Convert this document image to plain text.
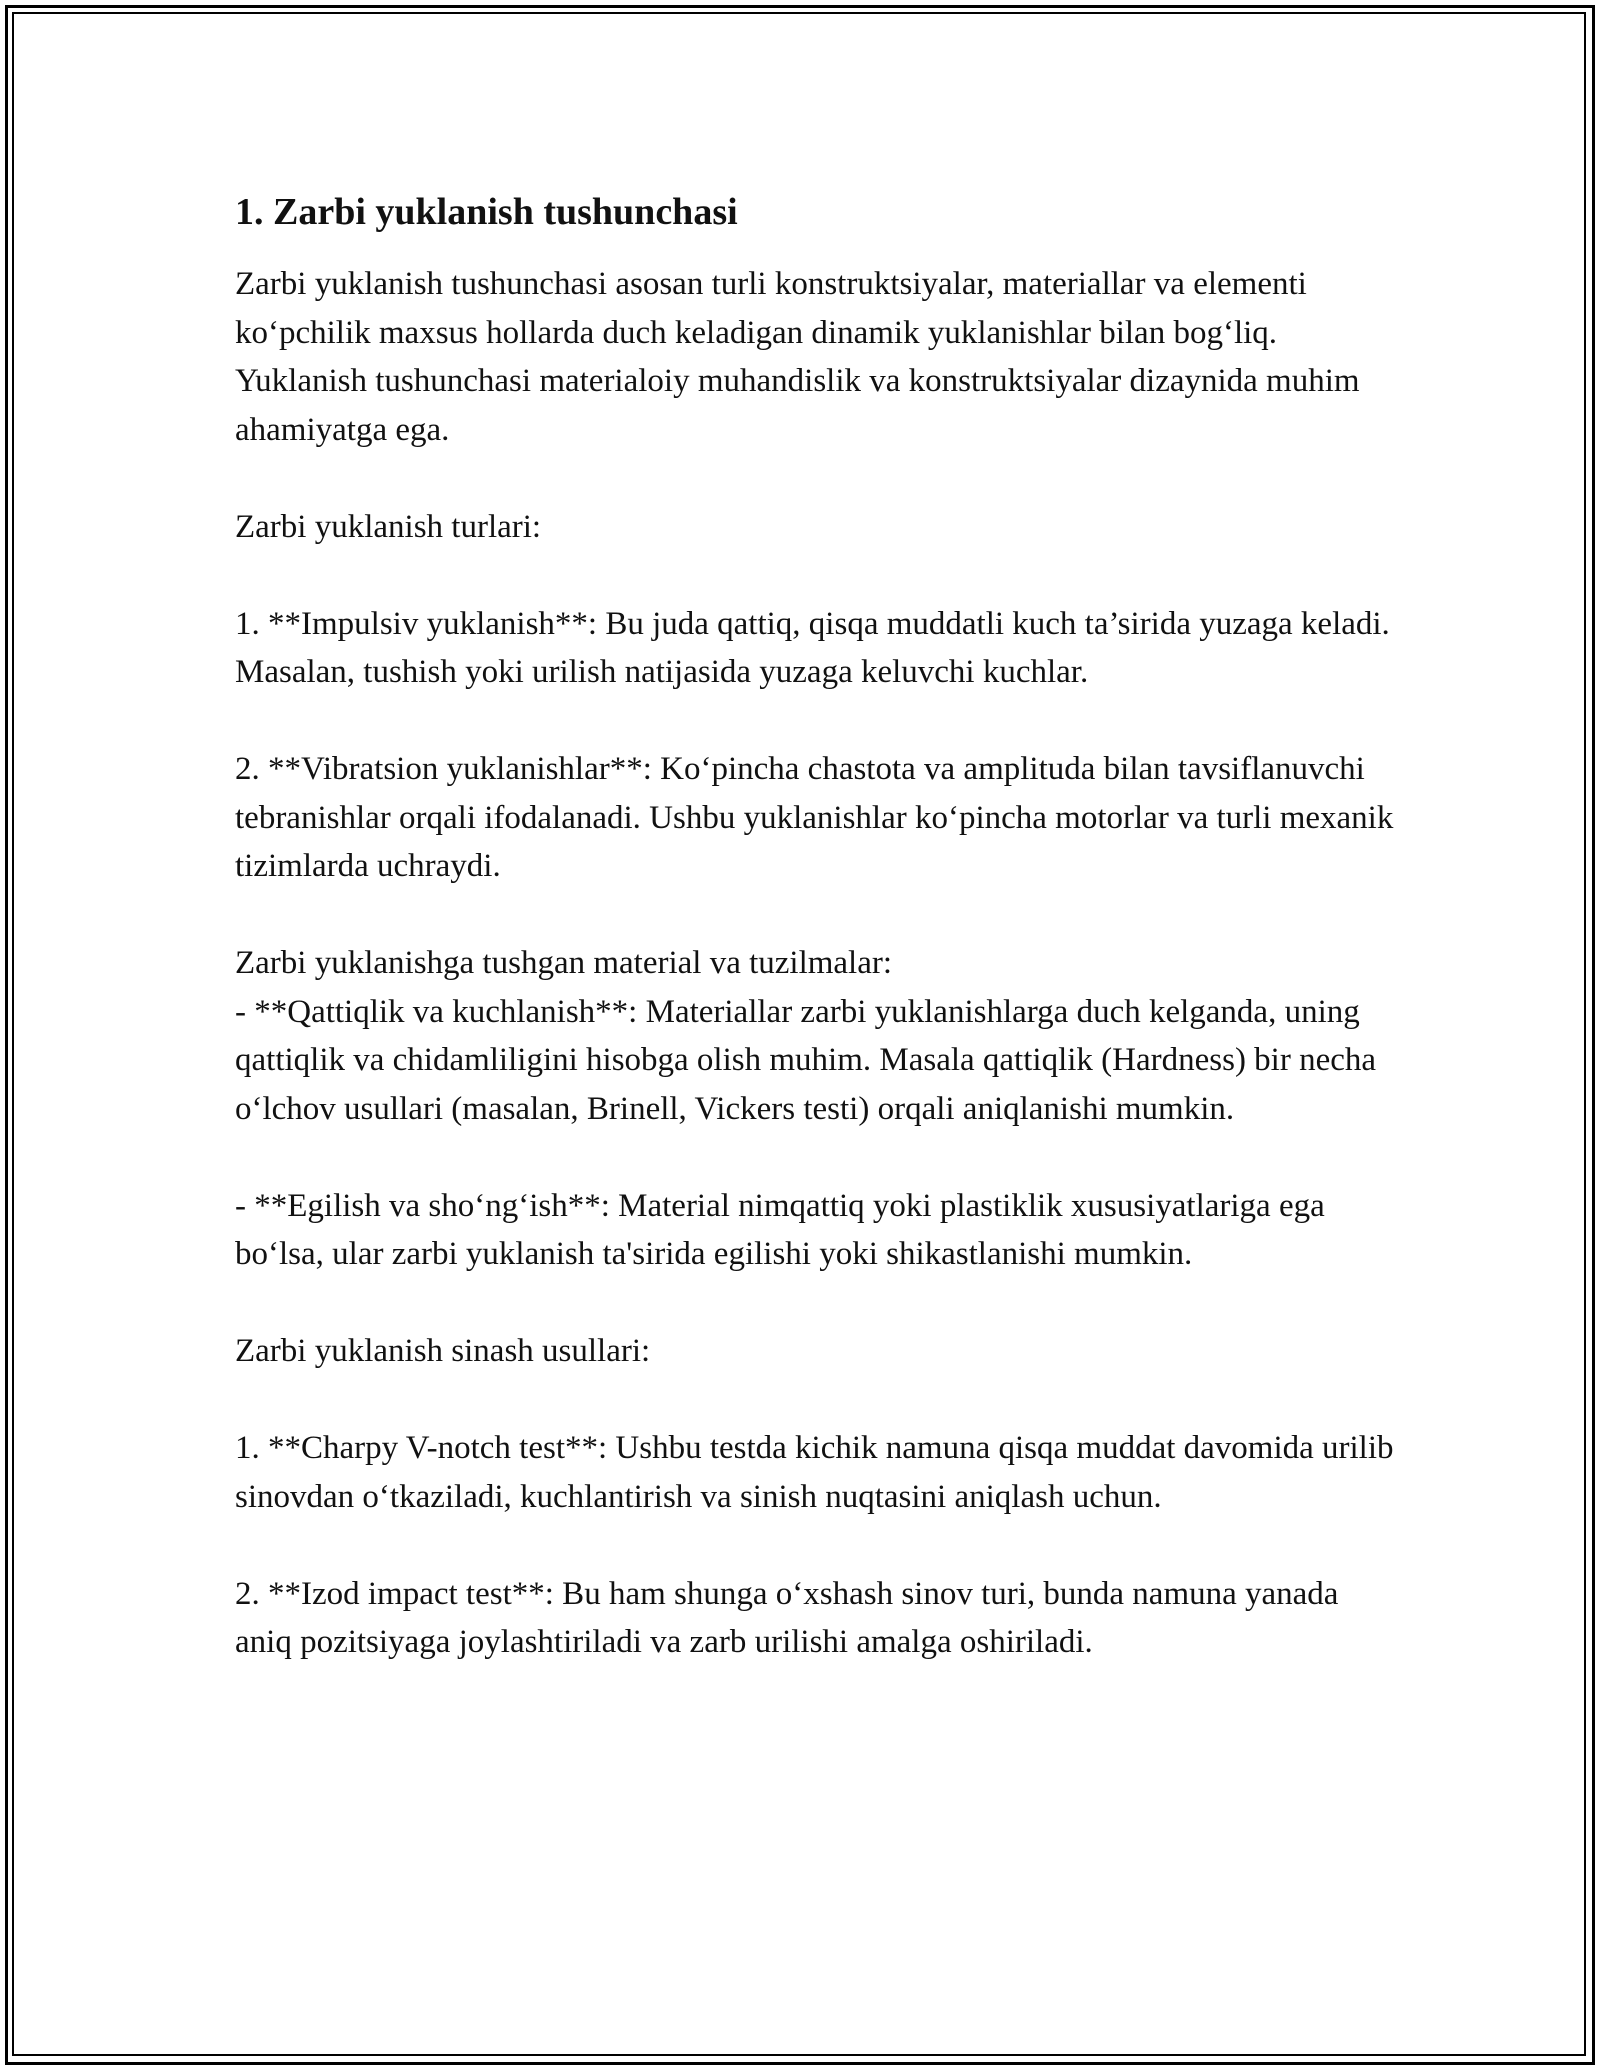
1. Zarbi yuklanish tushunchasi

Zarbi yuklanish tushunchasi asosan turli konstruktsiyalar, materiallar va elementi ko‘pchilik maxsus hollarda duch keladigan dinamik yuklanishlar bilan bog‘liq. Yuklanish tushunchasi materialoiy muhandislik va konstruktsiyalar dizaynida muhim ahamiyatga ega.

Zarbi yuklanish turlari:

1. **Impulsiv yuklanish**: Bu juda qattiq, qisqa muddatli kuch ta’sirida yuzaga keladi. Masalan, tushish yoki urilish natijasida yuzaga keluvchi kuchlar.

2. **Vibratsion yuklanishlar**: Ko‘pincha chastota va amplituda bilan tavsiflanuvchi tebranishlar orqali ifodalanadi. Ushbu yuklanishlar ko‘pincha motorlar va turli mexanik tizimlarda uchraydi.

Zarbi yuklanishga tushgan material va tuzilmalar:

- **Qattiqlik va kuchlanish**: Materiallar zarbi yuklanishlarga duch kelganda, uning qattiqlik va chidamliligini hisobga olish muhim. Masala qattiqlik (Hardness) bir necha o‘lchov usullari (masalan, Brinell, Vickers testi) orqali aniqlanishi mumkin.

- **Egilish va sho‘ng‘ish**: Material nimqattiq yoki plastiklik xususiyatlariga ega bo‘lsa, ular zarbi yuklanish ta'sirida egilishi yoki shikastlanishi mumkin.

Zarbi yuklanish sinash usullari:

1. **Charpy V-notch test**: Ushbu testda kichik namuna qisqa muddat davomida urilib sinovdan o‘tkaziladi, kuchlantirish va sinish nuqtasini aniqlash uchun.

2. **Izod impact test**: Bu ham shunga o‘xshash sinov turi, bunda namuna yanada aniq pozitsiyaga joylashtiriladi va zarb urilishi amalga oshiriladi.
